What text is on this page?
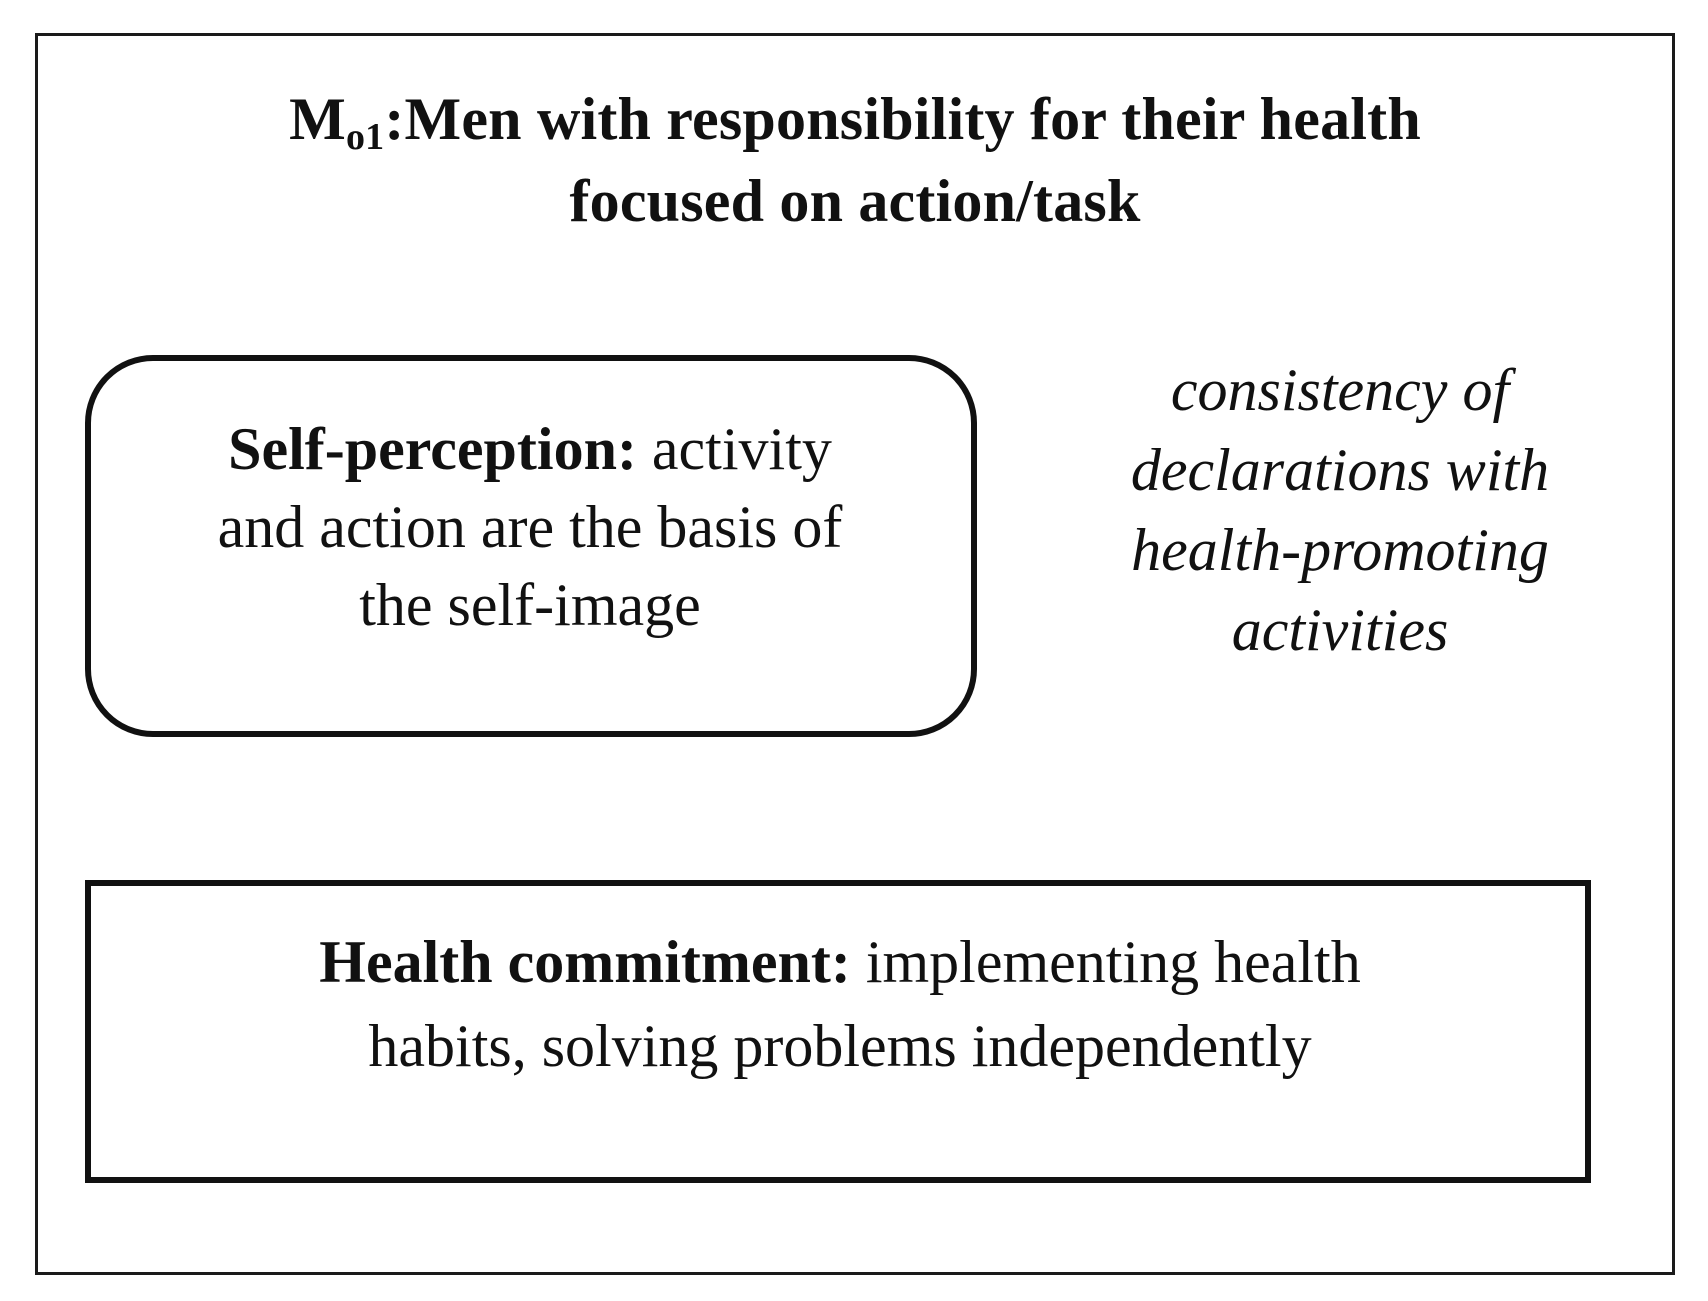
$M_{o1}:Men$ with responsibility for their health
focused on action/task
Self-perception: activity
and action are the basis of
the self-image
consistency of
declarations with
health-promoting
activities
Health commitment: implementing health
habits, solving problems independently
